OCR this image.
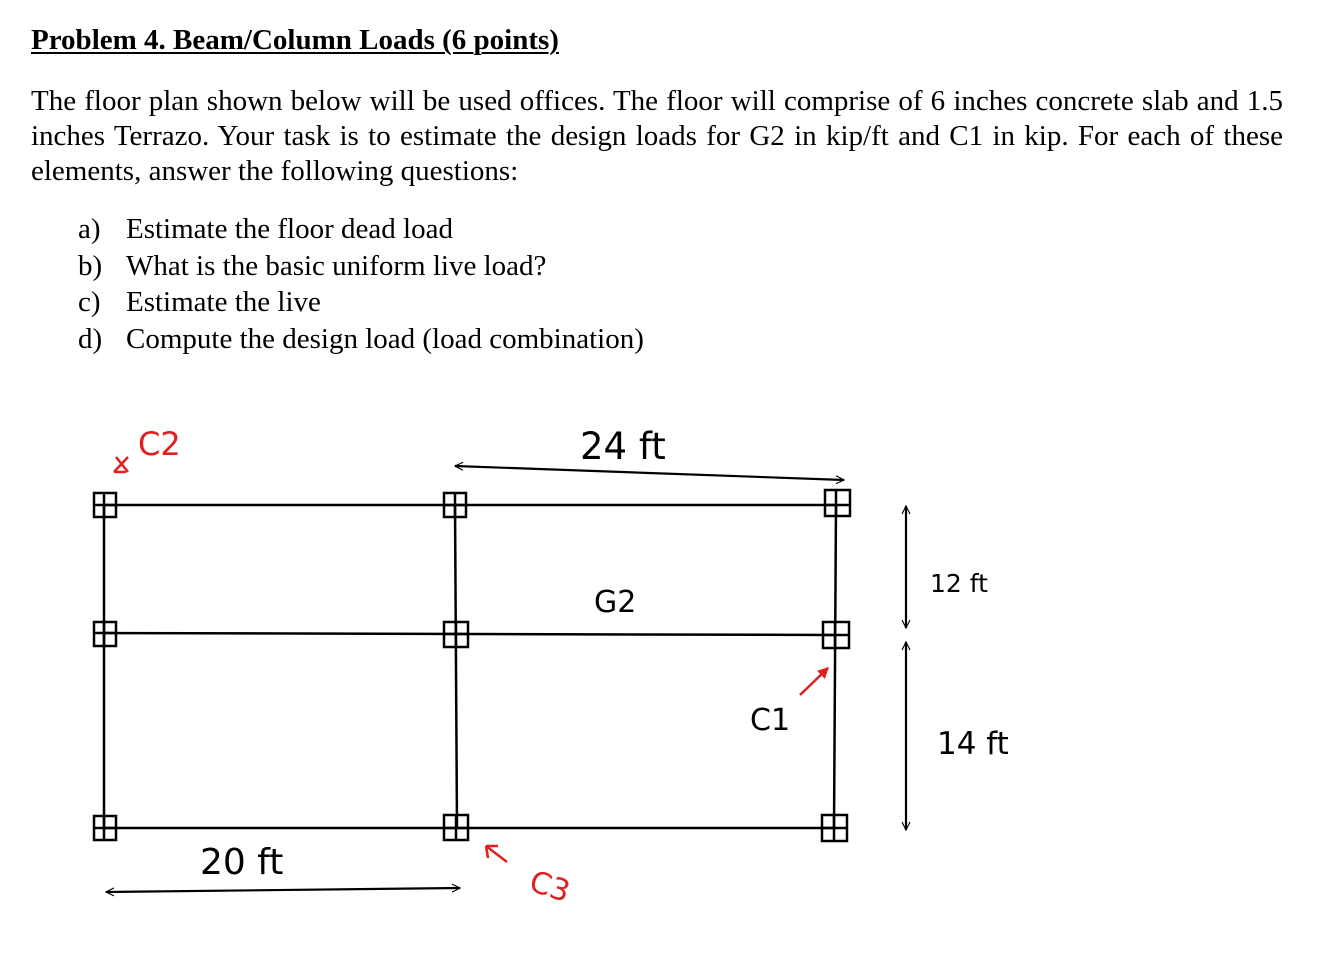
Problem 4. Beam/Column Loads (6 points)

The floor plan shown below will be used offices. The floor will comprise of 6 inches concrete slab and 1.5 inches Terrazo. Your task is to estimate the design loads for G2 in kip/ft and C1 in kip. For each of these elements, answer the following questions:

a) Estimate the floor dead load
b) What is the basic uniform live load?
c) Estimate the live
d) Compute the design load (load combination)
24 ft
20 ft
12 ft
14 ft
G2
C1
C2
C3
